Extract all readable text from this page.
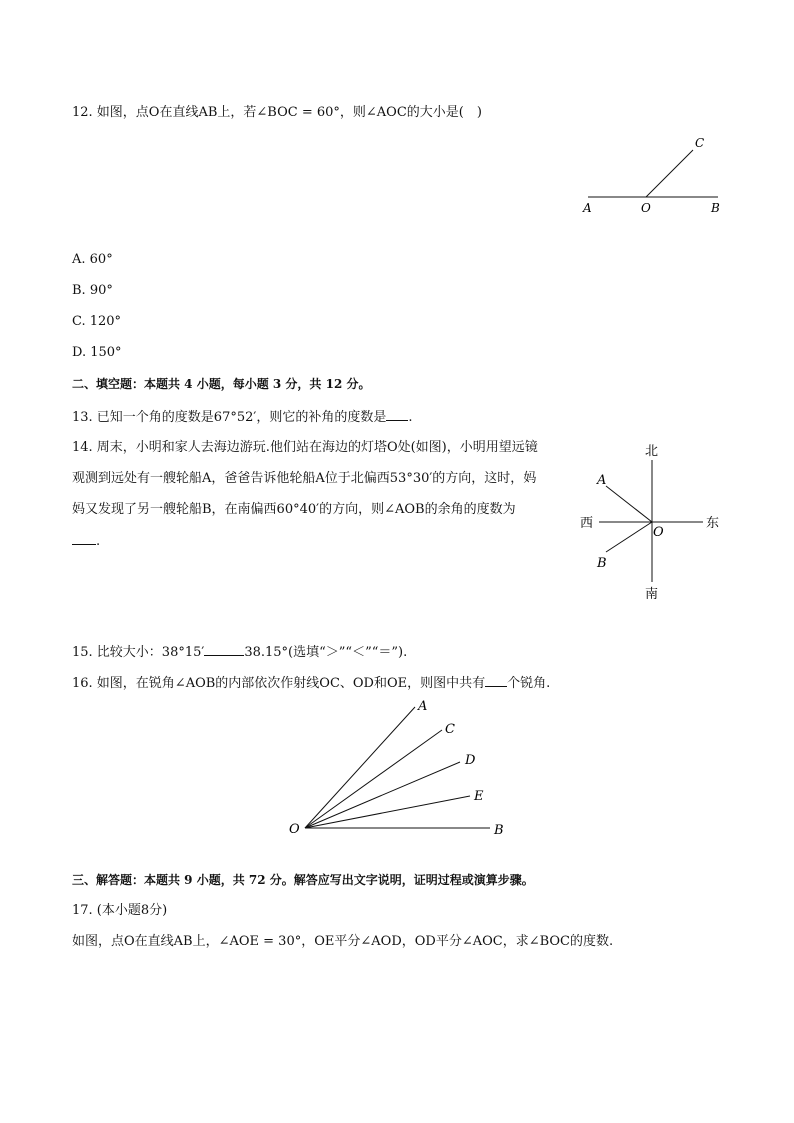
12. 如图，点O在直线AB上，若∠BOC = 60°，则∠AOC的大小是(　)
A	O	B
C
A. 60°
B. 90°
C. 120°
D. 150°
二、填空题：本题共 4 小题，每小题 3 分，共 12 分。
13. 已知一个角的度数是67°52′，则它的补角的度数是 .
14. 周末，小明和家人去海边游玩.他们站在海边的灯塔O处(如图)，小明用望远镜
观测到远处有一艘轮船A，爸爸告诉他轮船A位于北偏西53°30′的方向，这时，妈
妈又发现了另一艘轮船B，在南偏西60°40′的方向，则∠AOB的余角的度数为
.
北
南
西	东
A
B
O
15. 比较大小：38°15′	38.15°(选填“＞”“＜”“＝”).
16. 如图，在锐角∠AOB的内部依次作射线OC、OD和OE，则图中共有 个锐角.
O
A
C
D
E
B
三、解答题：本题共 9 小题，共 72 分。解答应写出文字说明，证明过程或演算步骤。
17. (本小题8分)
如图，点O在直线AB上，∠AOE = 30°，OE平分∠AOD，OD平分∠AOC，求∠BOC的度数.
